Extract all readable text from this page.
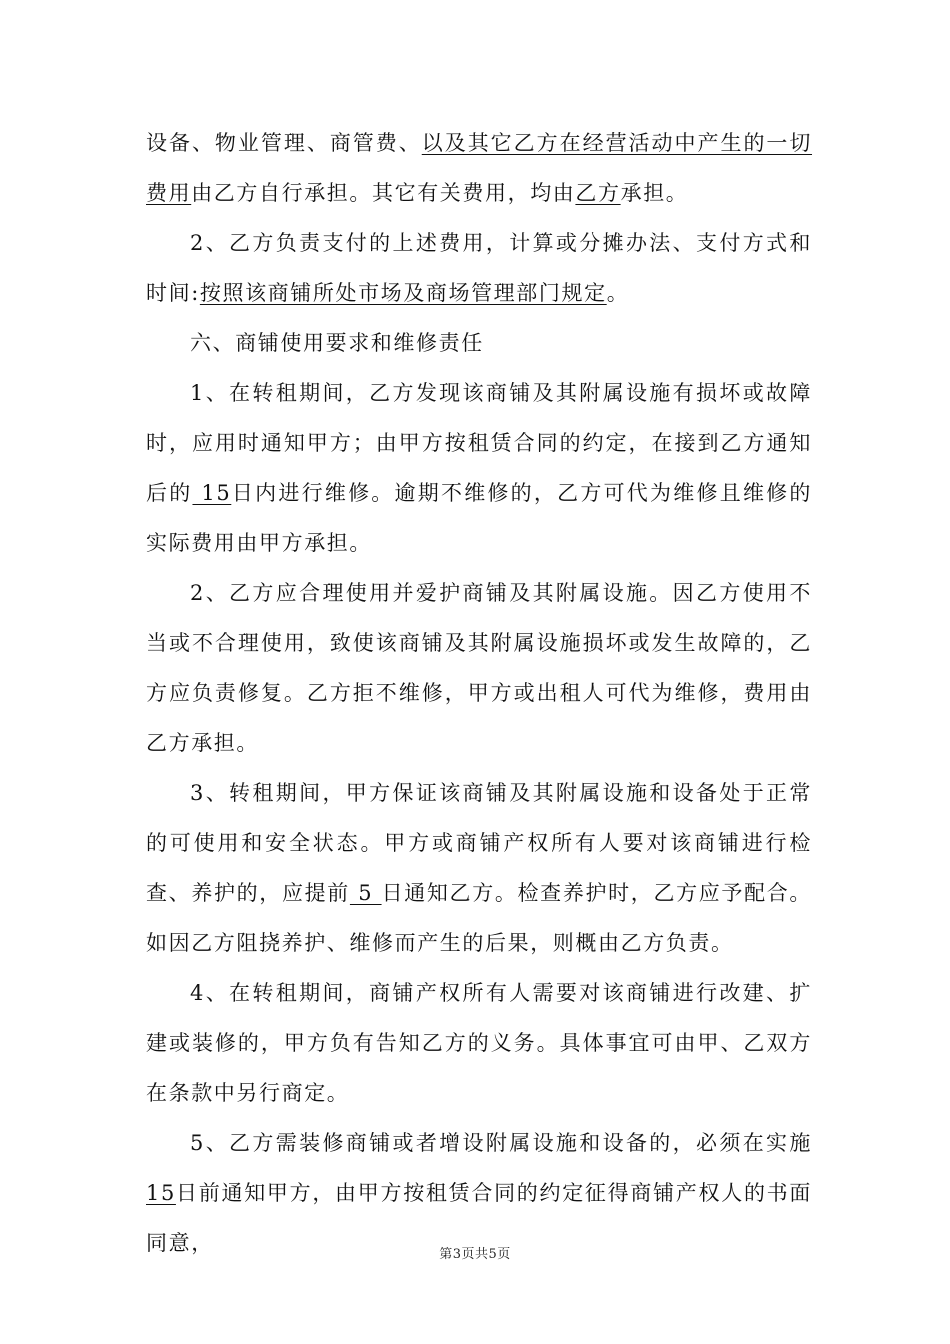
设备、物业管理、商管费、以及其它乙方在经营活动中产生的一切费用由乙方自行承担。其它有关费用，均由乙方承担。

2、乙方负责支付的上述费用，计算或分摊办法、支付方式和时间:按照该商铺所处市场及商场管理部门规定。

六、商铺使用要求和维修责任

1、在转租期间，乙方发现该商铺及其附属设施有损坏或故障时，应用时通知甲方；由甲方按租赁合同的约定，在接到乙方通知后的 15日内进行维修。逾期不维修的，乙方可代为维修且维修的实际费用由甲方承担。

2、乙方应合理使用并爱护商铺及其附属设施。因乙方使用不当或不合理使用，致使该商铺及其附属设施损坏或发生故障的，乙方应负责修复。乙方拒不维修，甲方或出租人可代为维修，费用由乙方承担。

3、转租期间，甲方保证该商铺及其附属设施和设备处于正常的可使用和安全状态。甲方或商铺产权所有人要对该商铺进行检查、养护的，应提前 5 日通知乙方。检查养护时，乙方应予配合。如因乙方阻挠养护、维修而产生的后果，则概由乙方负责。

4、在转租期间，商铺产权所有人需要对该商铺进行改建、扩建或装修的，甲方负有告知乙方的义务。具体事宜可由甲、乙双方在条款中另行商定。

5、乙方需装修商铺或者增设附属设施和设备的，必须在实施15日前通知甲方，由甲方按租赁合同的约定征得商铺产权人的书面同意，	第3页共5页
